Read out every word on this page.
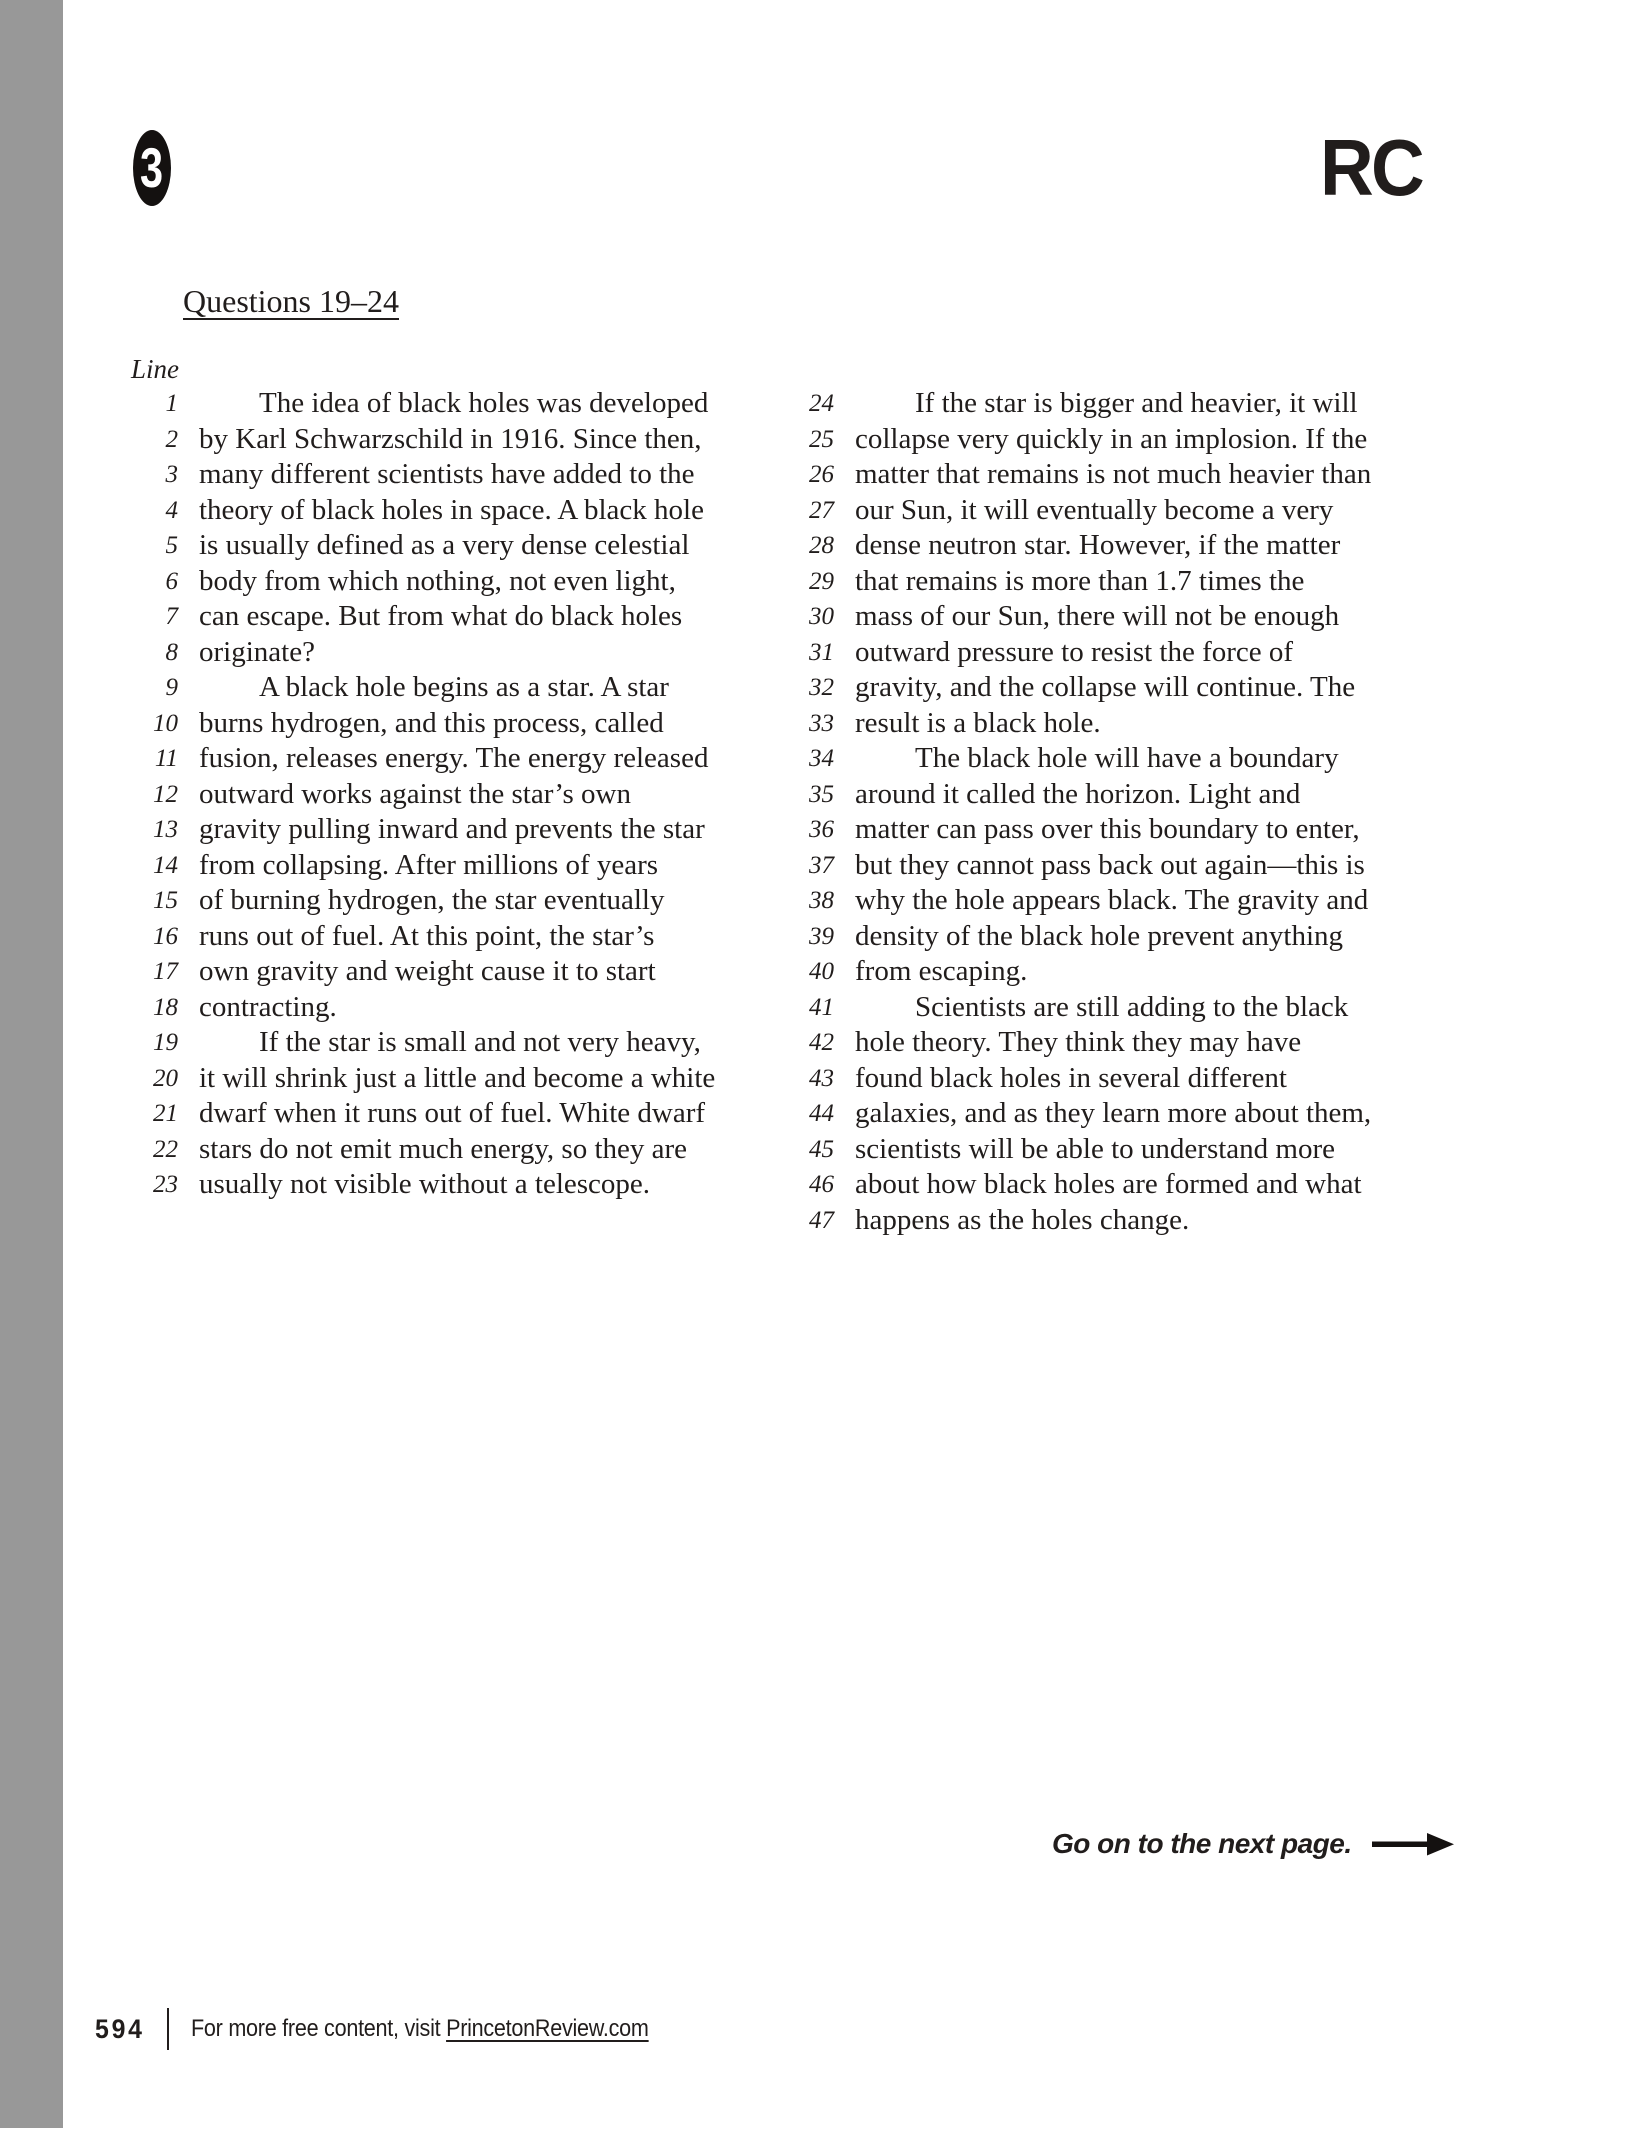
3	RC
Questions 19–24
Line
1	The idea of black holes was developed
2 by Karl Schwarzschild in 1916. Since then,
3 many different scientists have added to the
4 theory of black holes in space. A black hole
5 is usually defined as a very dense celestial
6 body from which nothing, not even light,
7 can escape. But from what do black holes
8 originate?
9	A black hole begins as a star. A star
10 burns hydrogen, and this process, called
11 fusion, releases energy. The energy released
12 outward works against the star’s own
13 gravity pulling inward and prevents the star
14 from collapsing. After millions of years
15 of burning hydrogen, the star eventually
16 runs out of fuel. At this point, the star’s
17 own gravity and weight cause it to start
18 contracting.
19	If the star is small and not very heavy,
20 it will shrink just a little and become a white
21 dwarf when it runs out of fuel. White dwarf
22 stars do not emit much energy, so they are
23 usually not visible without a telescope.
24	If the star is bigger and heavier, it will
25 collapse very quickly in an implosion. If the
26 matter that remains is not much heavier than
27 our Sun, it will eventually become a very
28 dense neutron star. However, if the matter
29 that remains is more than 1.7 times the
30 mass of our Sun, there will not be enough
31 outward pressure to resist the force of
32 gravity, and the collapse will continue. The
33 result is a black hole.
34	The black hole will have a boundary
35 around it called the horizon. Light and
36 matter can pass over this boundary to enter,
37 but they cannot pass back out again—this is
38 why the hole appears black. The gravity and
39 density of the black hole prevent anything
40 from escaping.
41	Scientists are still adding to the black
42 hole theory. They think they may have
43 found black holes in several different
44 galaxies, and as they learn more about them,
45 scientists will be able to understand more
46 about how black holes are formed and what
47 happens as the holes change.
Go on to the next page.
594 For more free content, visit PrincetonReview.com
